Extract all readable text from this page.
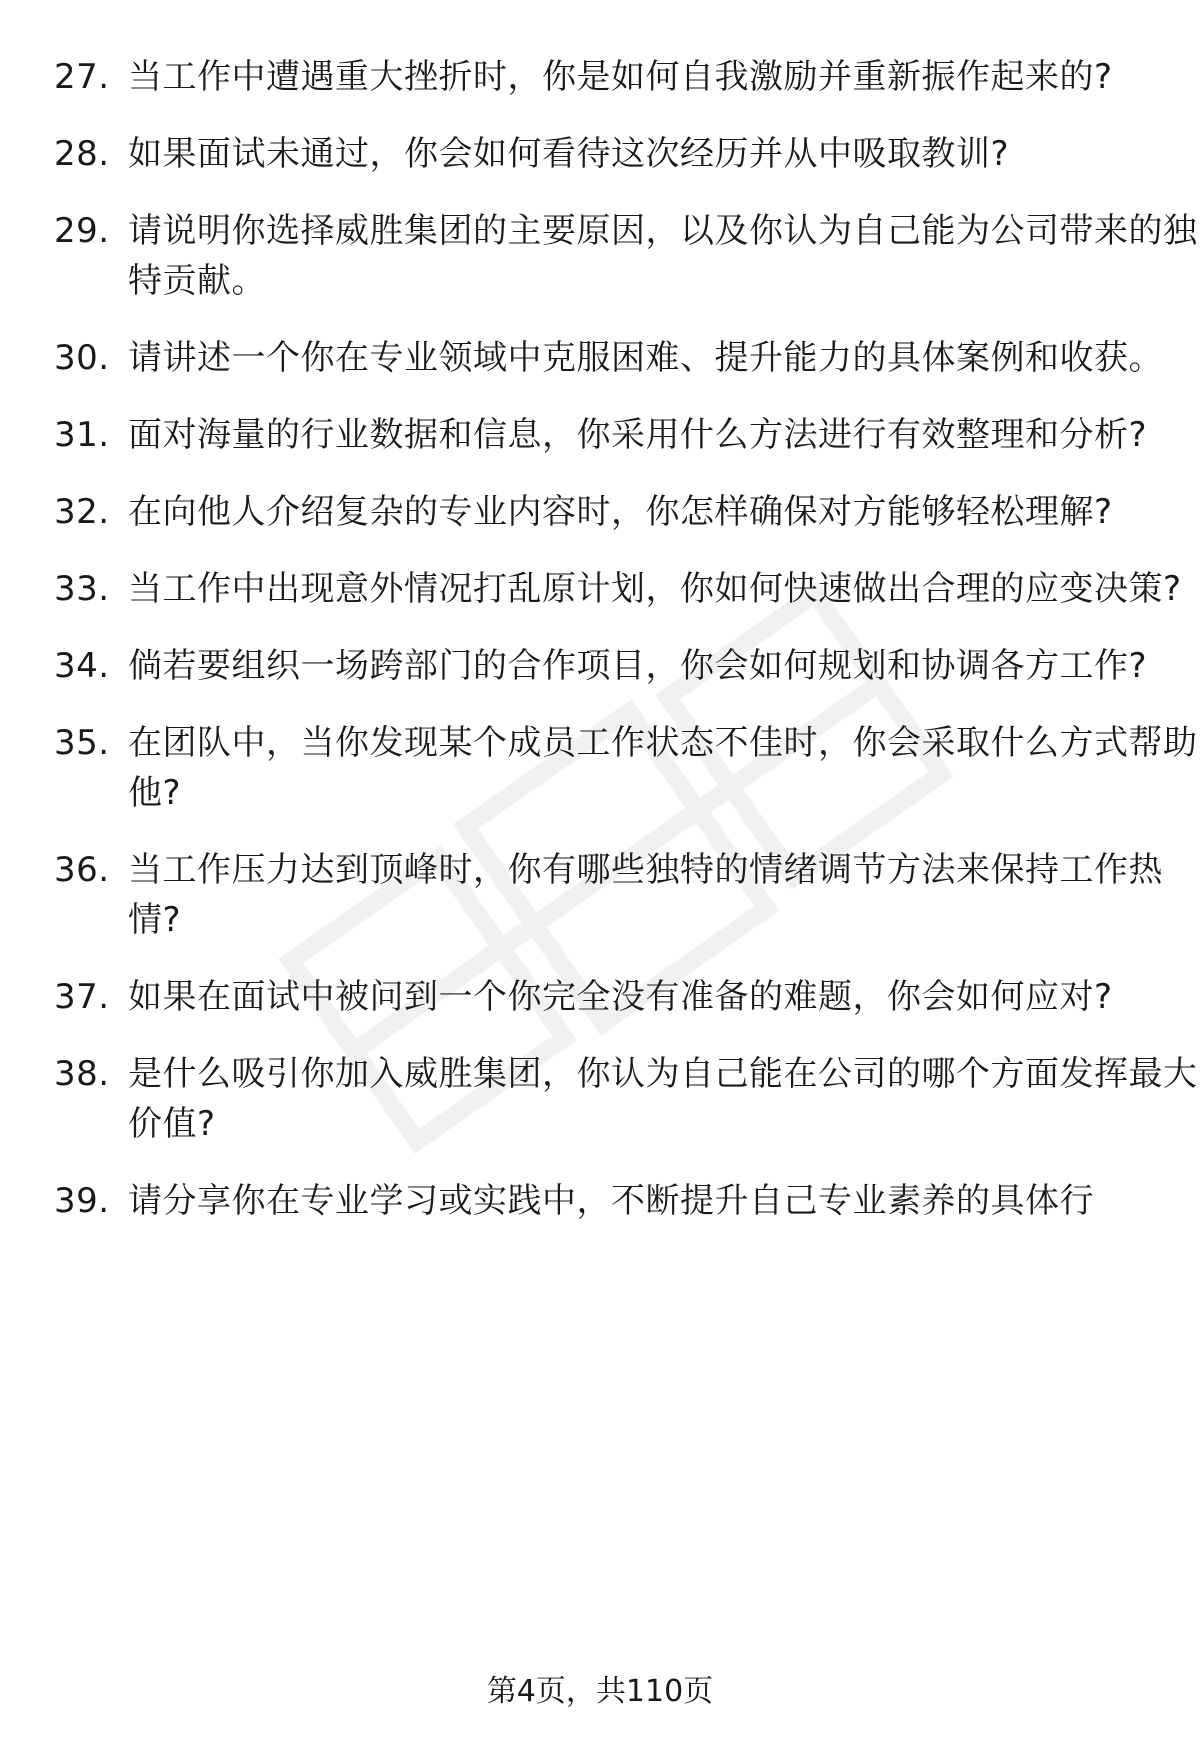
27. 当工作中遭遇重大挫折时，你是如何自我激励并重新振作起来的?
28. 如果面试未通过，你会如何看待这次经历并从中吸取教训?
29. 请说明你选择威胜集团的主要原因，以及你认为自己能为公司带来的独特贡献。
30. 请讲述一个你在专业领域中克服困难、提升能力的具体案例和收获。
31. 面对海量的行业数据和信息，你采用什么方法进行有效整理和分析?
32. 在向他人介绍复杂的专业内容时，你怎样确保对方能够轻松理解?
33. 当工作中出现意外情况打乱原计划，你如何快速做出合理的应变决策?
34. 倘若要组织一场跨部门的合作项目，你会如何规划和协调各方工作?
35. 在团队中，当你发现某个成员工作状态不佳时，你会采取什么方式帮助他?
36. 当工作压力达到顶峰时，你有哪些独特的情绪调节方法来保持工作热情?
37. 如果在面试中被问到一个你完全没有准备的难题，你会如何应对?
38. 是什么吸引你加入威胜集团，你认为自己能在公司的哪个方面发挥最大价值?
39. 请分享你在专业学习或实践中，不断提升自己专业素养的具体行
第4页，共110页
